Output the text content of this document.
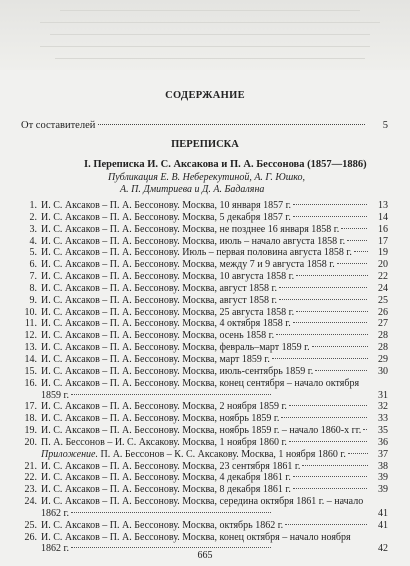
СОДЕРЖАНИЕ
От составителей	5
ПЕРЕПИСКА
I. Переписка И. С. Аксакова и П. А. Бессонова (1857—1886)
Публикация Е. В. Неберекутиной, А. Г. Юшко,
А. П. Дмитриева и Д. А. Бадаляна
1. И. С. Аксаков – П. А. Бессонову. Москва, 10 января 1857 г.	13
2. И. С. Аксаков – П. А. Бессонову. Москва, 5 декабря 1857 г.	14
3. И. С. Аксаков – П. А. Бессонову. Москва, не позднее 16 января 1858 г.	16
4. И. С. Аксаков – П. А. Бессонову. Москва, июль – начало августа 1858 г.	17
5. И. С. Аксаков – П. А. Бессонову. Июль – первая половина августа 1858 г.	19
6. И. С. Аксаков – П. А. Бессонову. Москва, между 7 и 9 августа 1858 г.	20
7. И. С. Аксаков – П. А. Бессонову. Москва, 10 августа 1858 г.	22
8. И. С. Аксаков – П. А. Бессонову. Москва, август 1858 г.	24
9. И. С. Аксаков – П. А. Бессонову. Москва, август 1858 г.	25
10. И. С. Аксаков – П. А. Бессонову. Москва, 25 августа 1858 г.	26
11. И. С. Аксаков – П. А. Бессонову. Москва, 4 октября 1858 г.	27
12. И. С. Аксаков – П. А. Бессонову. Москва, осень 1858 г.	28
13. И. С. Аксаков – П. А. Бессонову. Москва, февраль–март 1859 г.	28
14. И. С. Аксаков – П. А. Бессонову. Москва, март 1859 г.	29
15. И. С. Аксаков – П. А. Бессонову. Москва, июль-сентябрь 1859 г.	30
16. И. С. Аксаков – П. А. Бессонову. Москва, конец сентября – начало октября
1859 г.	31
17. И. С. Аксаков – П. А. Бессонову. Москва, 2 ноября 1859 г.	32
18. И. С. Аксаков – П. А. Бессонову. Москва, ноябрь 1859 г.	33
19. И. С. Аксаков – П. А. Бессонову. Москва, ноябрь 1859 г. – начало 1860-х гг.	35
20. П. А. Бессонов – И. С. Аксакову. Москва, 1 ноября 1860 г.	36
Приложение. П. А. Бессонов – К. С. Аксакову. Москва, 1 ноября 1860 г.	37
21. И. С. Аксаков – П. А. Бессонову. Москва, 23 сентября 1861 г.	38
22. И. С. Аксаков – П. А. Бессонову. Москва, 4 декабря 1861 г.	39
23. И. С. Аксаков – П. А. Бессонову. Москва, 8 декабря 1861 г.	39
24. И. С. Аксаков – П. А. Бессонову. Москва, середина октября 1861 г. – начало
1862 г.	41
25. И. С. Аксаков – П. А. Бессонову. Москва, октябрь 1862 г.	41
26. И. С. Аксаков – П. А. Бессонову. Москва, конец октября – начало ноября
1862 г.	42
665
